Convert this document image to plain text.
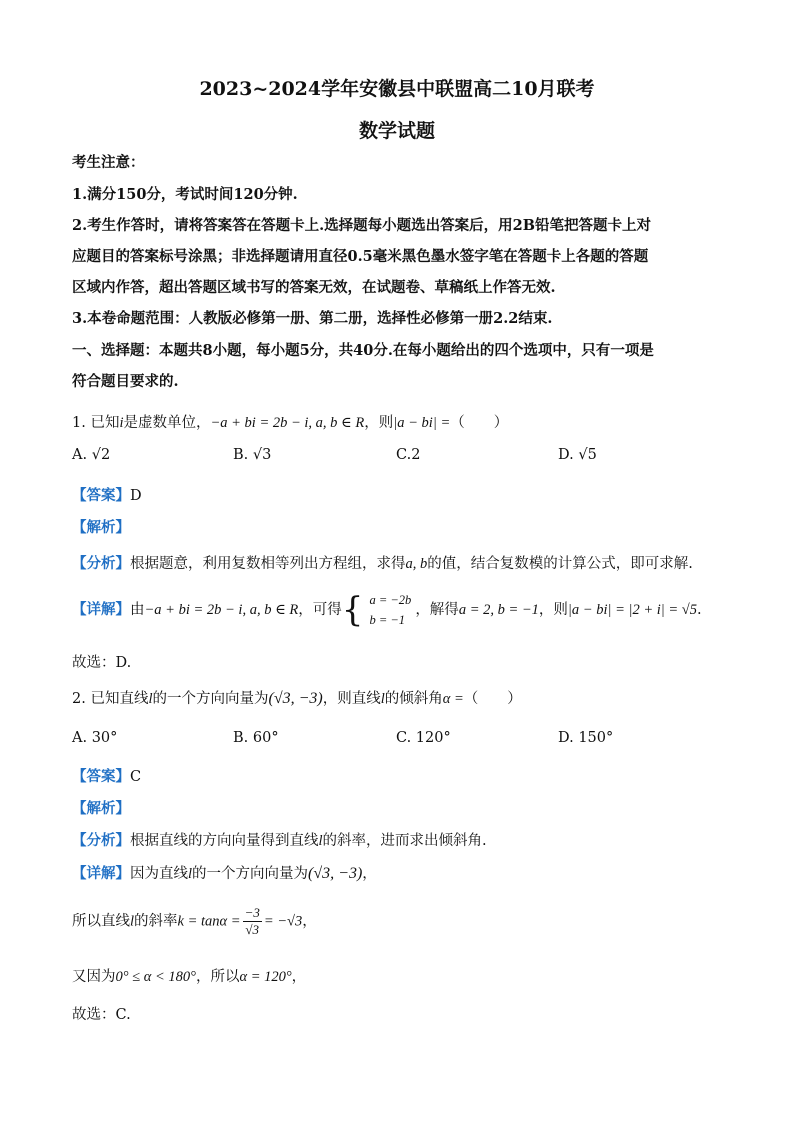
2023~2024学年安徽县中联盟高二10月联考
数学试题
考生注意：
1.满分150分，考试时间120分钟.
2.考生作答时，请将答案答在答题卡上.选择题每小题选出答案后，用2B铅笔把答题卡上对
应题目的答案标号涂黑；非选择题请用直径0.5毫米黑色墨水签字笔在答题卡上各题的答题
区域内作答，超出答题区域书写的答案无效，在试题卷、草稿纸上作答无效.
3.本卷命题范围：人教版必修第一册、第二册，选择性必修第一册2.2结束.
一、选择题：本题共8小题，每小题5分，共40分.在每小题给出的四个选项中，只有一项是
符合题目要求的.
1. 已知i是虚数单位，−a + bi = 2b − i, a, b ∈ R，则|a − bi| =（　　）
A. √2	B. √3	C.2	D. √5
【答案】D
【解析】
【分析】根据题意，利用复数相等列出方程组，求得a, b的值，结合复数模的计算公式，即可求解.
【详解】由−a + bi = 2b − i, a, b ∈ R，可得{ a = −2b
b = −1
，解得a = 2, b = −1，则|a − bi| = |2 + i| = √5.
故选：D.
2. 已知直线l的一个方向向量为(√3, −3)，则直线l的倾斜角α =（　　）
A. 30°	B. 60°	C. 120°	D. 150°
【答案】C
【解析】
【分析】根据直线的方向向量得到直线l的斜率，进而求出倾斜角.
【详解】因为直线l的一个方向向量为(√3, −3)，
所以直线l的斜率$k = \tan\alpha = \frac{-3}{√3} = -√3$，
又因为0° ≤ α < 180°，所以α = 120°，
故选：C.
